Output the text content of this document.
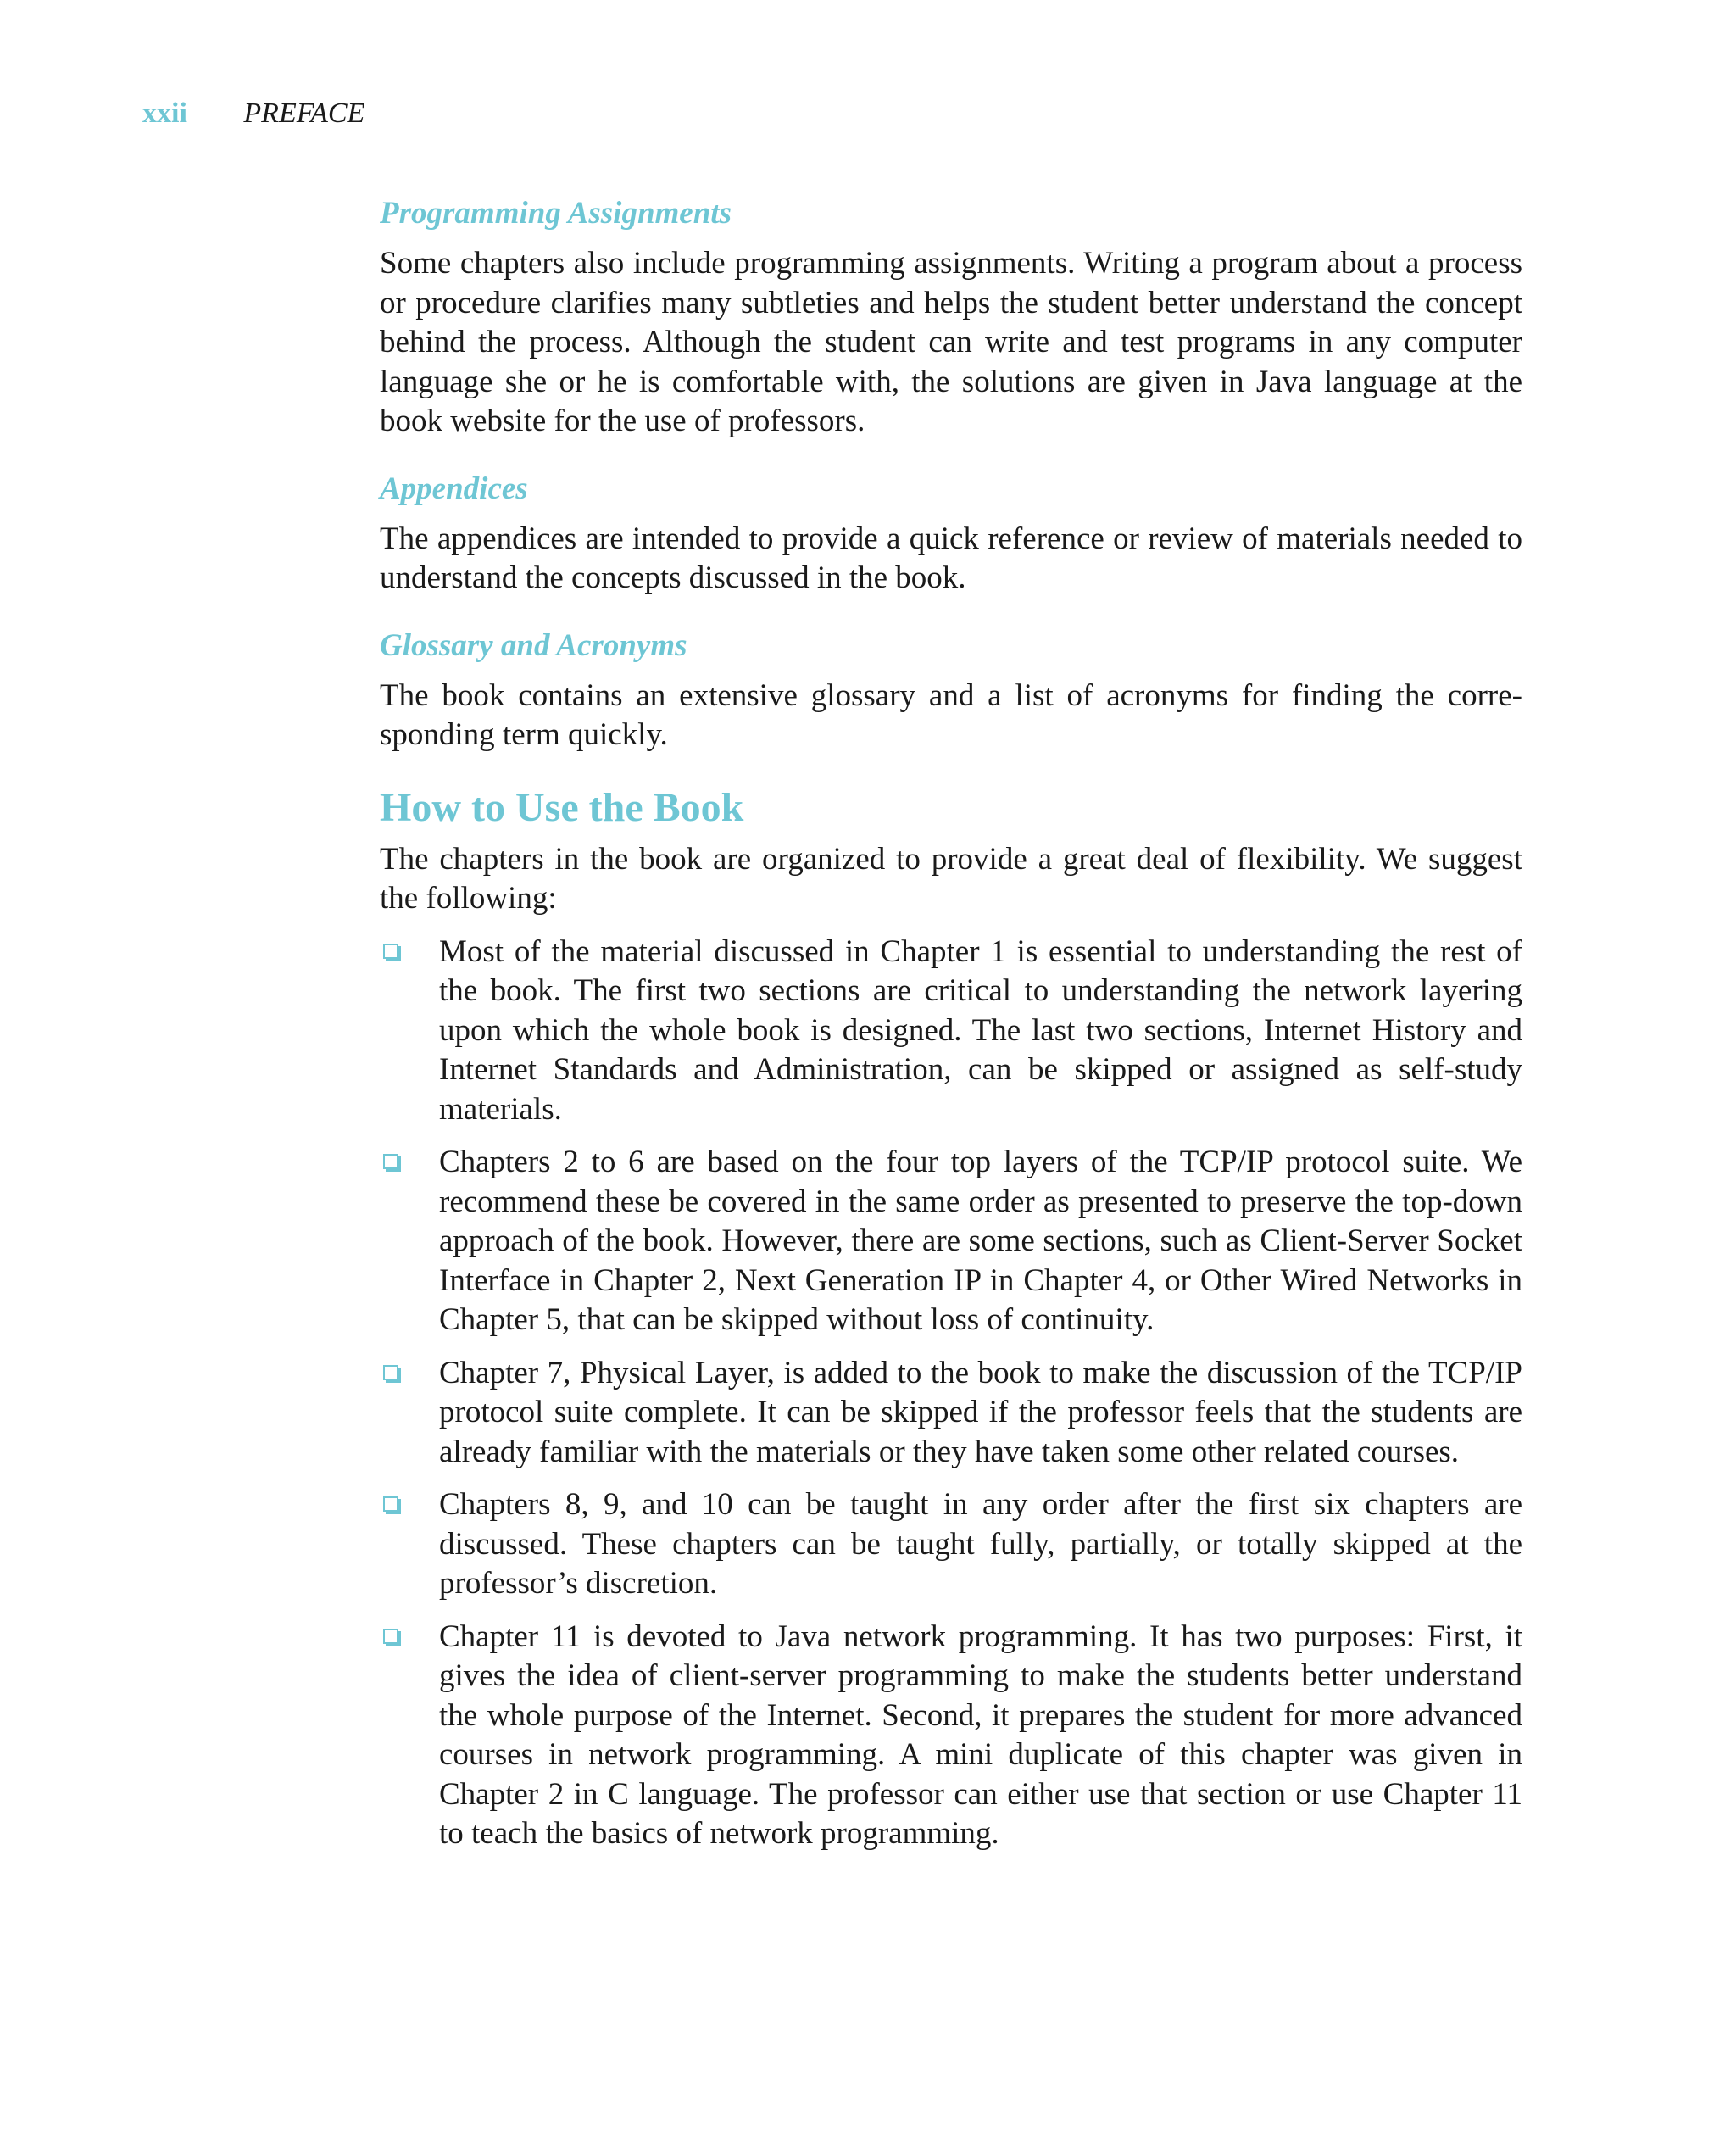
xxii PREFACE
Programming Assignments

Some chapters also include programming assignments. Writing a program about a process or procedure clarifies many subtleties and helps the student better understand the concept behind the process. Although the student can write and test programs in any computer language she or he is comfortable with, the solutions are given in Java language at the book website for the use of professors.

Appendices

The appendices are intended to provide a quick reference or review of materials needed to understand the concepts discussed in the book.

Glossary and Acronyms

The book contains an extensive glossary and a list of acronyms for finding the corre-sponding term quickly.

How to Use the Book

The chapters in the book are organized to provide a great deal of flexibility. We suggest the following:

Most of the material discussed in Chapter 1 is essential to understanding the rest of the book. The first two sections are critical to understanding the network layering upon which the whole book is designed. The last two sections, Internet History and Internet Standards and Administration, can be skipped or assigned as self-study materials.
Chapters 2 to 6 are based on the four top layers of the TCP/IP protocol suite. We recommend these be covered in the same order as presented to preserve the top-down approach of the book. However, there are some sections, such as Client-Server Socket Interface in Chapter 2, Next Generation IP in Chapter 4, or Other Wired Networks in Chapter 5, that can be skipped without loss of continuity.
Chapter 7, Physical Layer, is added to the book to make the discussion of the TCP/IP protocol suite complete. It can be skipped if the professor feels that the students are already familiar with the materials or they have taken some other related courses.
Chapters 8, 9, and 10 can be taught in any order after the first six chapters are discussed. These chapters can be taught fully, partially, or totally skipped at the professor’s discretion.
Chapter 11 is devoted to Java network programming. It has two purposes: First, it gives the idea of client-server programming to make the students better understand the whole purpose of the Internet. Second, it prepares the student for more advanced courses in network programming. A mini duplicate of this chapter was given in Chapter 2 in C language. The professor can either use that section or use Chapter 11 to teach the basics of network programming.
